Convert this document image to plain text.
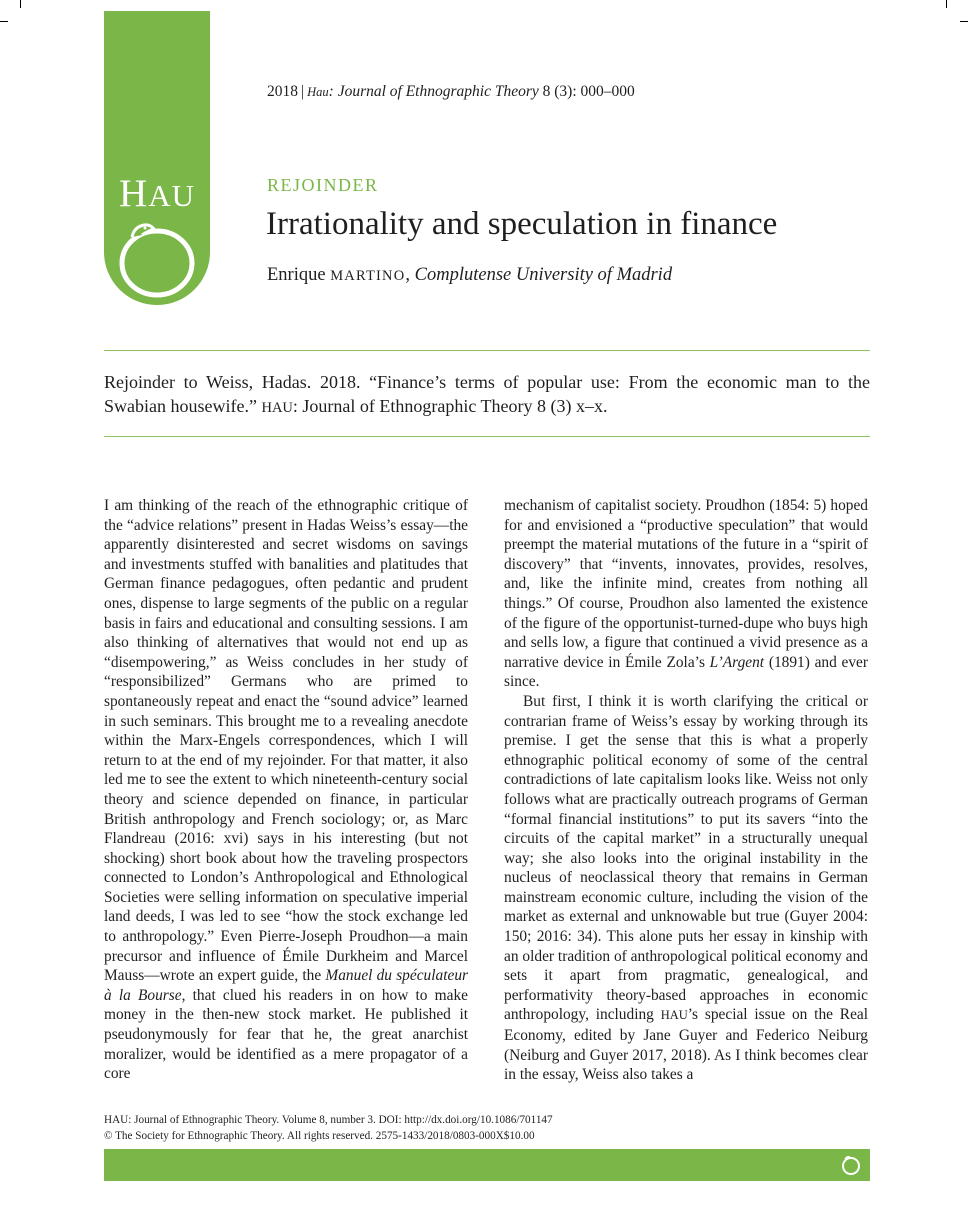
HAU
2018 | Hau: Journal of Ethnographic Theory 8 (3): 000–000
REJOINDER
Irrationality and speculation in finance
Enrique MARTINO, Complutense University of Madrid
Rejoinder to Weiss, Hadas. 2018. “Finance’s terms of popular use: From the economic man to the Swabian housewife.” HAU: Journal of Ethnographic Theory 8 (3) x–x.

I am thinking of the reach of the ethnographic critique of the “advice relations” present in Hadas Weiss’s essay—the apparently disinterested and secret wisdoms on savings and investments stuffed with banalities and platitudes that German finance pedagogues, often pedantic and prudent ones, dispense to large segments of the public on a regular basis in fairs and educational and consulting sessions. I am also thinking of alternatives that would not end up as “disempowering,” as Weiss concludes in her study of “responsibilized” Germans who are primed to spontaneously repeat and enact the “sound advice” learned in such seminars. This brought me to a revealing anecdote within the Marx-Engels correspondences, which I will return to at the end of my rejoinder. For that matter, it also led me to see the extent to which nineteenth-century social theory and science depended on finance, in particular British anthropology and French sociology; or, as Marc Flandreau (2016: xvi) says in his interesting (but not shocking) short book about how the traveling prospectors connected to London’s Anthropological and Ethnological Societies were selling information on speculative imperial land deeds, I was led to see “how the stock exchange led to anthropology.” Even Pierre-Joseph Proudhon—a main precursor and influence of Émile Durkheim and Marcel Mauss—wrote an expert guide, the Manuel du spéculateur à la Bourse, that clued his readers in on how to make money in the then-new stock market. He published it pseudonymously for fear that he, the great anarchist moralizer, would be identified as a mere propagator of a core

mechanism of capitalist society. Proudhon (1854: 5) hoped for and envisioned a “productive speculation” that would preempt the material mutations of the future in a “spirit of discovery” that “invents, innovates, provides, resolves, and, like the infinite mind, creates from nothing all things.” Of course, Proudhon also lamented the existence of the figure of the opportunist-turned-dupe who buys high and sells low, a figure that continued a vivid presence as a narrative device in Émile Zola’s L’Argent (1891) and ever since.

But first, I think it is worth clarifying the critical or contrarian frame of Weiss’s essay by working through its premise. I get the sense that this is what a properly ethnographic political economy of some of the central contradictions of late capitalism looks like. Weiss not only follows what are practically outreach programs of German “formal financial institutions” to put its savers “into the circuits of the capital market” in a structurally unequal way; she also looks into the original instability in the nucleus of neoclassical theory that remains in German mainstream economic culture, including the vision of the market as external and unknowable but true (Guyer 2004: 150; 2016: 34). This alone puts her essay in kinship with an older tradition of anthropological political economy and sets it apart from pragmatic, genealogical, and performativity theory-based approaches in economic anthropology, including HAU’s special issue on the Real Economy, edited by Jane Guyer and Federico Neiburg (Neiburg and Guyer 2017, 2018). As I think becomes clear in the essay, Weiss also takes a

HAU: Journal of Ethnographic Theory. Volume 8, number 3. DOI: http://dx.doi.org/10.1086/701147
© The Society for Ethnographic Theory. All rights reserved. 2575-1433/2018/0803-000X$10.00
